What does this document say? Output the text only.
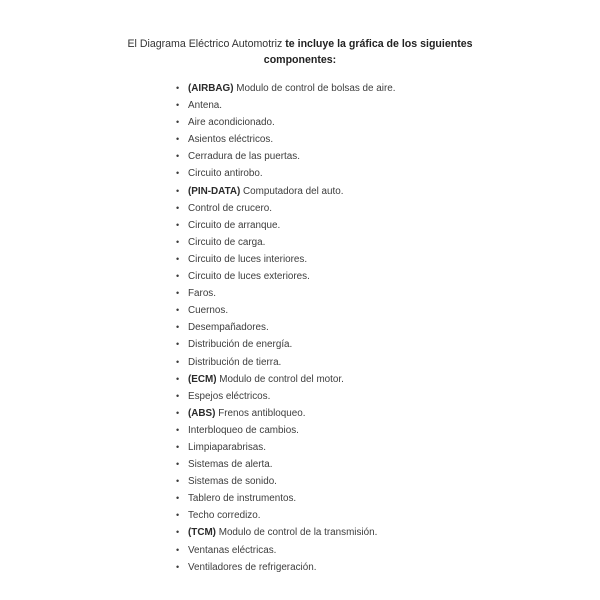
El Diagrama Eléctrico Automotriz te incluye la gráfica de los siguientes componentes:
• (AIRBAG) Modulo de control de bolsas de aire.
• Antena.
• Aire acondicionado.
• Asientos eléctricos.
• Cerradura de las puertas.
• Circuito antirobo.
• (PIN-DATA) Computadora del auto.
• Control de crucero.
• Circuito de arranque.
• Circuito de carga.
• Circuito de luces interiores.
• Circuito de luces exteriores.
• Faros.
• Cuernos.
• Desempañadores.
• Distribución de energía.
• Distribución de tierra.
• (ECM) Modulo de control del motor.
• Espejos eléctricos.
• (ABS) Frenos antibloqueo.
• Interbloqueo de cambios.
• Limpiaparabrisas.
• Sistemas de alerta.
• Sistemas de sonido.
• Tablero de instrumentos.
• Techo corredizo.
• (TCM) Modulo de control de la transmisión.
• Ventanas eléctricas.
• Ventiladores de refrigeración.
